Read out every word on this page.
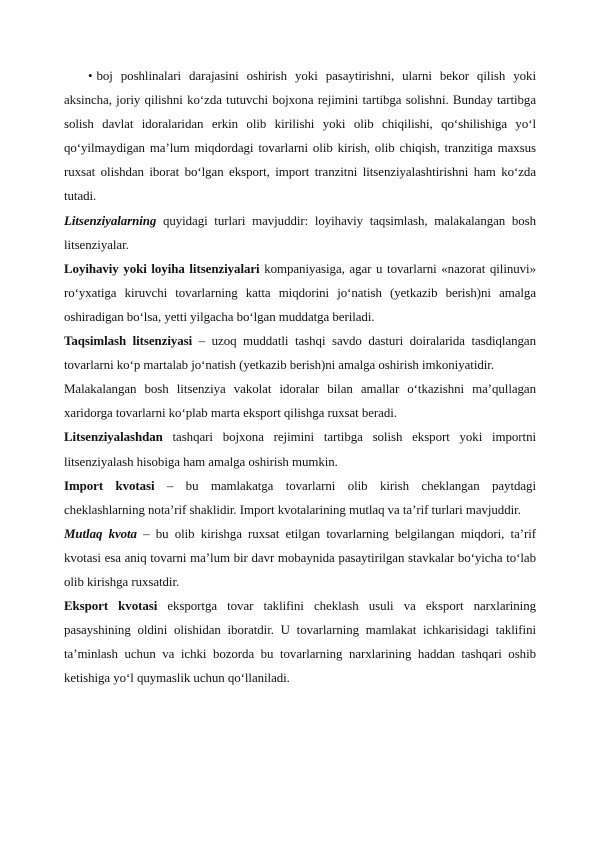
• boj poshlinalari darajasini oshirish yoki pasaytirishni, ularni bekor qilish yoki aksincha, joriy qilishni ko‘zda tutuvchi bojxona rejimini tartibga solishni. Bunday tartibga solish davlat idoralaridan erkin olib kirilishi yoki olib chiqilishi, qo‘shilishiga yo‘l qo‘yilmaydigan ma’lum miqdordagi tovarlarni olib kirish, olib chiqish, tranzitiga maxsus ruxsat olishdan iborat bo‘lgan eksport, import tranzitni litsenziyalashtirishni ham ko‘zda tutadi.

Litsenziyalarning quyidagi turlari mavjuddir: loyihaviy taqsimlash, malakalangan bosh litsenziyalar.

Loyihaviy yoki loyiha litsenziyalari kompaniyasiga, agar u tovarlarni «nazorat qilinuvi» ro‘yxatiga kiruvchi tovarlarning katta miqdorini jo‘natish (yetkazib berish)ni amalga oshiradigan bo‘lsa, yetti yilgacha bo‘lgan muddatga beriladi.

Taqsimlash litsenziyasi – uzoq muddatli tashqi savdo dasturi doiralarida tasdiqlangan tovarlarni ko‘p martalab jo‘natish (yetkazib berish)ni amalga oshirish imkoniyatidir.

Malakalangan bosh litsenziya vakolat idoralar bilan amallar o‘tkazishni ma’qullagan xaridorga tovarlarni ko‘plab marta eksport qilishga ruxsat beradi.

Litsenziyalashdan tashqari bojxona rejimini tartibga solish eksport yoki importni litsenziyalash hisobiga ham amalga oshirish mumkin.

Import kvotasi – bu mamlakatga tovarlarni olib kirish cheklangan paytdagi cheklashlarning nota’rif shaklidir. Import kvotalarining mutlaq va ta’rif turlari mavjuddir.

Mutlaq kvota – bu olib kirishga ruxsat etilgan tovarlarning belgilangan miqdori, ta’rif kvotasi esa aniq tovarni ma’lum bir davr mobaynida pasaytirilgan stavkalar bo‘yicha to‘lab olib kirishga ruxsatdir.

Eksport kvotasi eksportga tovar taklifini cheklash usuli va eksport narxlarining pasayshining oldini olishidan iboratdir. U tovarlarning mamlakat ichkarisidagi taklifini ta’minlash uchun va ichki bozorda bu tovarlarning narxlarining haddan tashqari oshib ketishiga yo‘l quymaslik uchun qo‘llaniladi.
